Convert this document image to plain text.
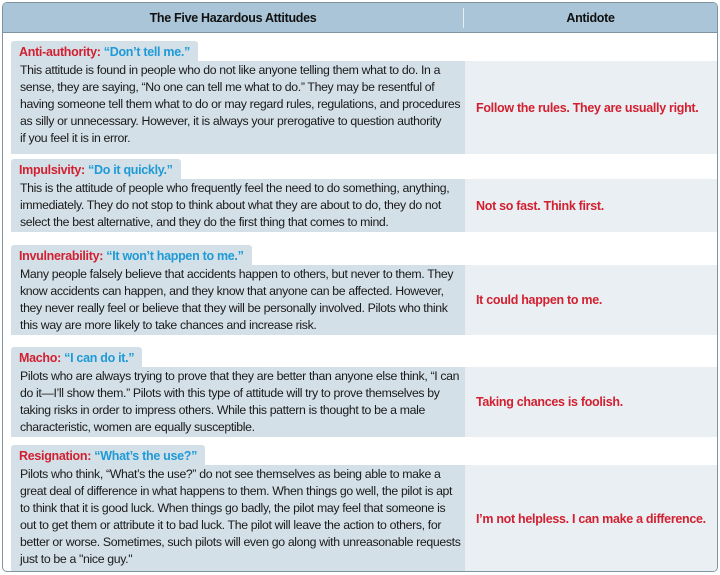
The Five Hazardous Attitudes	Antidote
Anti-authority: “Don’t tell me.”
This attitude is found in people who do not like anyone telling them what to do. In a
sense, they are saying, “No one can tell me what to do.” They may be resentful of
having someone tell them what to do or may regard rules, regulations, and procedures
as silly or unnecessary. However, it is always your prerogative to question authority
if you feel it is in error.
Follow the rules. They are usually right.
Impulsivity: “Do it quickly.”
This is the attitude of people who frequently feel the need to do something, anything,
immediately. They do not stop to think about what they are about to do, they do not
select the best alternative, and they do the first thing that comes to mind.
Not so fast. Think first.
Invulnerability: “It won’t happen to me.”
Many people falsely believe that accidents happen to others, but never to them. They
know accidents can happen, and they know that anyone can be affected. However,
they never really feel or believe that they will be personally involved. Pilots who think
this way are more likely to take chances and increase risk.
It could happen to me.
Macho: “I can do it.”
Pilots who are always trying to prove that they are better than anyone else think, “I can
do it—I’ll show them.” Pilots with this type of attitude will try to prove themselves by
taking risks in order to impress others. While this pattern is thought to be a male
characteristic, women are equally susceptible.
Taking chances is foolish.
Resignation: “What’s the use?”
Pilots who think, “What’s the use?” do not see themselves as being able to make a
great deal of difference in what happens to them. When things go well, the pilot is apt
to think that it is good luck. When things go badly, the pilot may feel that someone is
out to get them or attribute it to bad luck. The pilot will leave the action to others, for
better or worse. Sometimes, such pilots will even go along with unreasonable requests
just to be a "nice guy."
I’m not helpless. I can make a difference.
